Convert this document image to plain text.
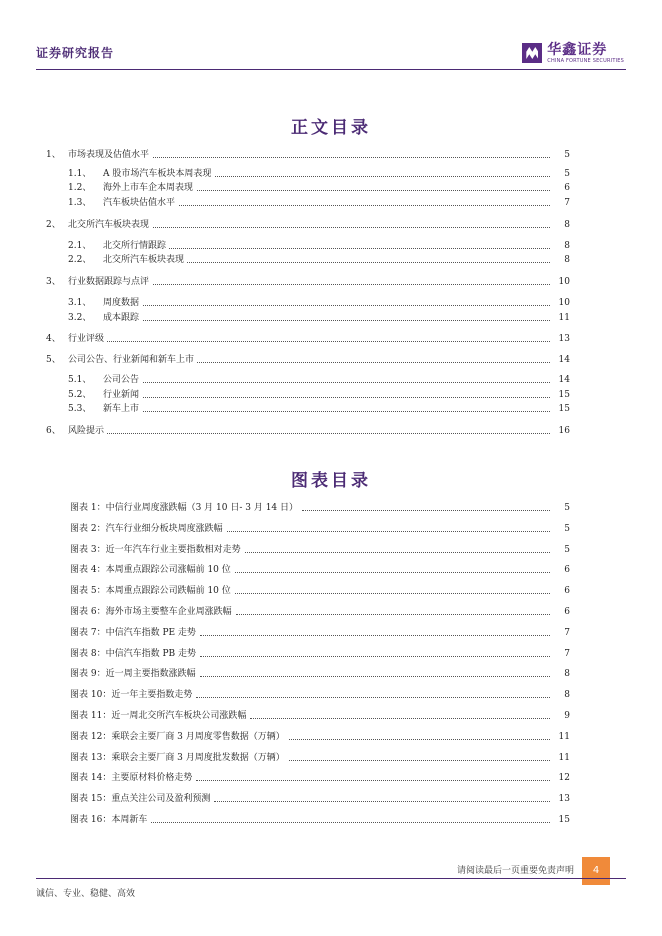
证券研究报告	华鑫证券
CHINA FORTUNE SECURITIES
正文目录
1、 市场表现及估值水平	5
1.1、 A 股市场汽车板块本周表现	5
1.2、 海外上市车企本周表现	6
1.3、 汽车板块估值水平	7
2、 北交所汽车板块表现	8
2.1、 北交所行情跟踪	8
2.2、 北交所汽车板块表现	8
3、 行业数据跟踪与点评	10
3.1、 周度数据	10
3.2、 成本跟踪	11
4、 行业评级	13
5、 公司公告、行业新闻和新车上市	14
5.1、 公司公告	14
5.2、 行业新闻	15
5.3、 新车上市	15
6、 风险提示	16
图表目录
图表 1：中信行业周度涨跌幅（3 月 10 日- 3 月 14 日）	5
图表 2：汽车行业细分板块周度涨跌幅	5
图表 3：近一年汽车行业主要指数相对走势	5
图表 4：本周重点跟踪公司涨幅前 10 位	6
图表 5：本周重点跟踪公司跌幅前 10 位	6
图表 6：海外市场主要整车企业周涨跌幅	6
图表 7：中信汽车指数 PE 走势	7
图表 8：中信汽车指数 PB 走势	7
图表 9：近一周主要指数涨跌幅	8
图表 10：近一年主要指数走势	8
图表 11：近一周北交所汽车板块公司涨跌幅	9
图表 12：乘联会主要厂商 3 月周度零售数据（万辆）	11
图表 13：乘联会主要厂商 3 月周度批发数据（万辆）	11
图表 14：主要原材料价格走势	12
图表 15：重点关注公司及盈利预测	13
图表 16：本周新车	15
请阅读最后一页重要免责声明	4
诚信、专业、稳健、高效
